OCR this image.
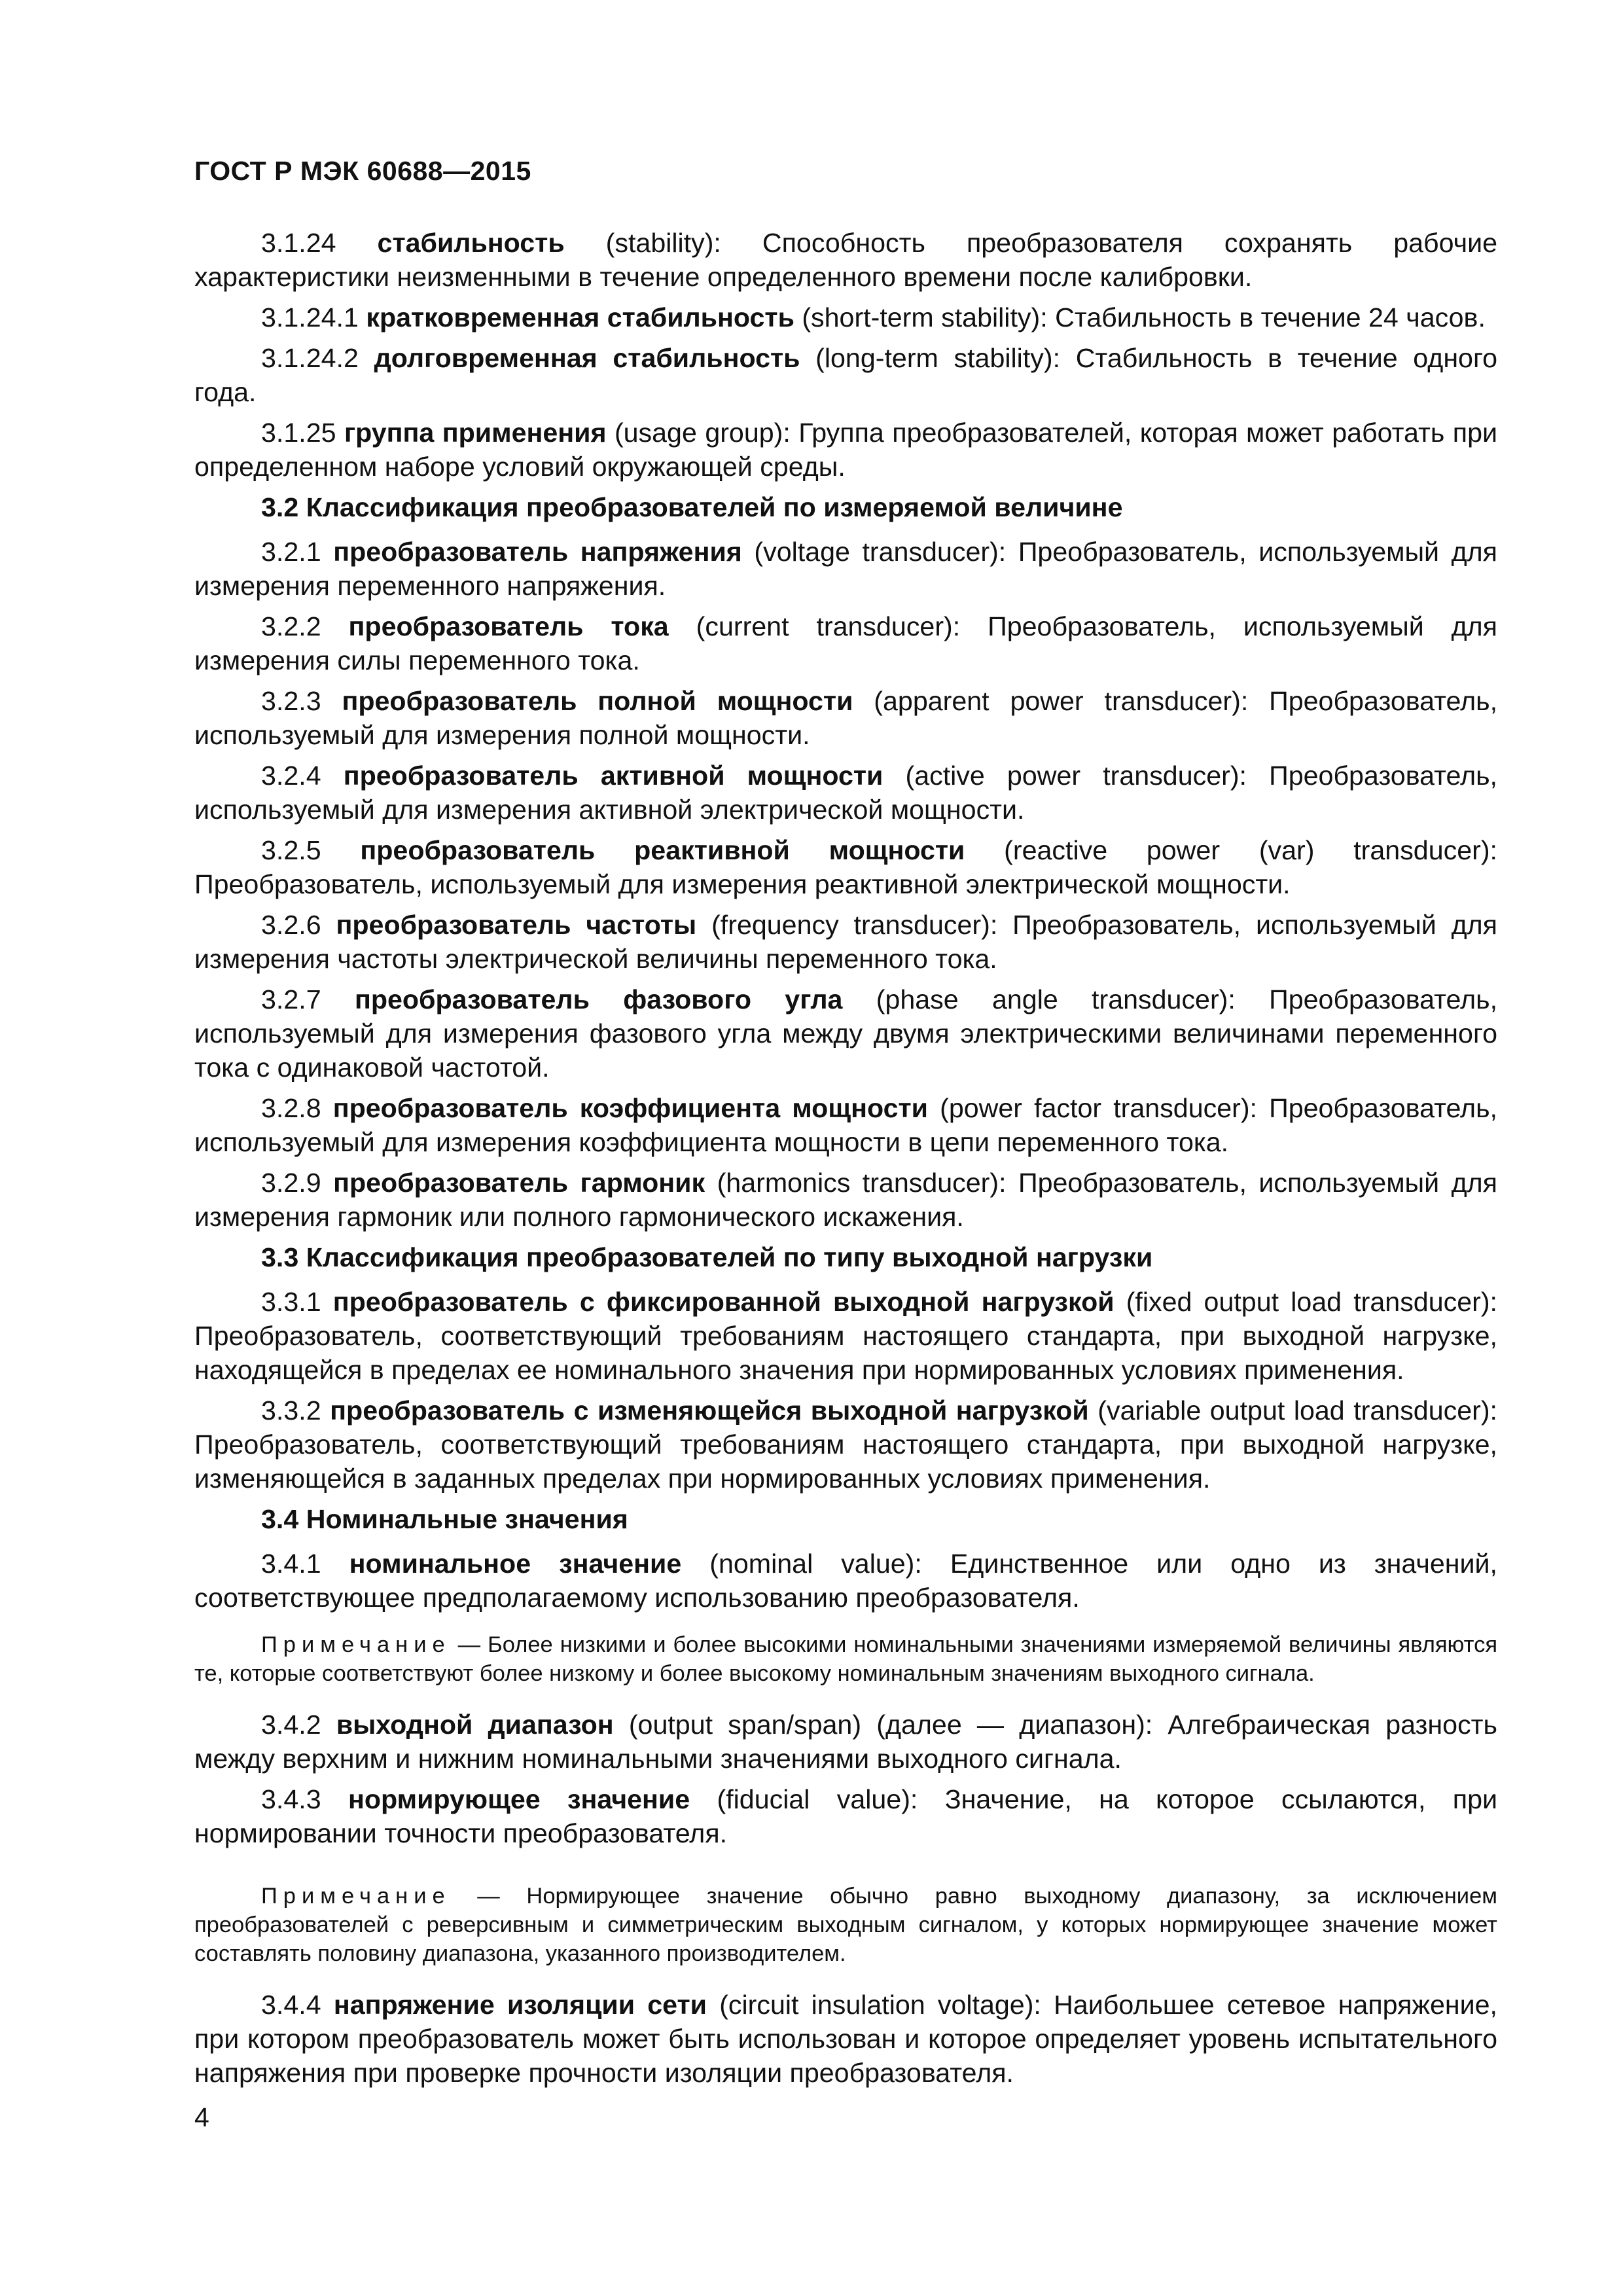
ГОСТ Р МЭК 60688—2015

3.1.24 стабильность (stability): Способность преобразователя сохранять рабочие характеристики неизменными в течение определенного времени после калибровки.

3.1.24.1 кратковременная стабильность (short-term stability): Стабильность в течение 24 часов.

3.1.24.2 долговременная стабильность (long-term stability): Стабильность в течение одного года.

3.1.25 группа применения (usage group): Группа преобразователей, которая может работать при определенном наборе условий окружающей среды.

3.2 Классификация преобразователей по измеряемой величине

3.2.1 преобразователь напряжения (voltage transducer): Преобразователь, используемый для измерения переменного напряжения.

3.2.2 преобразователь тока (current transducer): Преобразователь, используемый для измерения силы переменного тока.

3.2.3 преобразователь полной мощности (apparent power transducer): Преобразователь, используемый для измерения полной мощности.

3.2.4 преобразователь активной мощности (active power transducer): Преобразователь, используемый для измерения активной электрической мощности.

3.2.5 преобразователь реактивной мощности (reactive power (var) transducer): Преобразователь, используемый для измерения реактивной электрической мощности.

3.2.6 преобразователь частоты (frequency transducer): Преобразователь, используемый для измерения частоты электрической величины переменного тока.

3.2.7 преобразователь фазового угла (phase angle transducer): Преобразователь, используемый для измерения фазового угла между двумя электрическими величинами переменного тока с одинаковой частотой.

3.2.8 преобразователь коэффициента мощности (power factor transducer): Преобразователь, используемый для измерения коэффициента мощности в цепи переменного тока.

3.2.9 преобразователь гармоник (harmonics transducer): Преобразователь, используемый для измерения гармоник или полного гармонического искажения.

3.3 Классификация преобразователей по типу выходной нагрузки

3.3.1 преобразователь с фиксированной выходной нагрузкой (fixed output load transducer): Преобразователь, соответствующий требованиям настоящего стандарта, при выходной нагрузке, находящейся в пределах ее номинального значения при нормированных условиях применения.

3.3.2 преобразователь с изменяющейся выходной нагрузкой (variable output load transducer): Преобразователь, соответствующий требованиям настоящего стандарта, при выходной нагрузке, изменяющейся в заданных пределах при нормированных условиях применения.

3.4 Номинальные значения

3.4.1 номинальное значение (nominal value): Единственное или одно из значений, соответствующее предполагаемому использованию преобразователя.

Примечание — Более низкими и более высокими номинальными значениями измеряемой величины являются те, которые соответствуют более низкому и более высокому номинальным значениям выходного сигнала.

3.4.2 выходной диапазон (output span/span) (далее — диапазон): Алгебраическая разность между верхним и нижним номинальными значениями выходного сигнала.

3.4.3 нормирующее значение (fiducial value): Значение, на которое ссылаются, при нормировании точности преобразователя.

Примечание — Нормирующее значение обычно равно выходному диапазону, за исключением преобразователей с реверсивным и симметрическим выходным сигналом, у которых нормирующее значение может составлять половину диапазона, указанного производителем.

3.4.4 напряжение изоляции сети (circuit insulation voltage): Наибольшее сетевое напряжение, при котором преобразователь может быть использован и которое определяет уровень испытательного напряжения при проверке прочности изоляции преобразователя.

4
